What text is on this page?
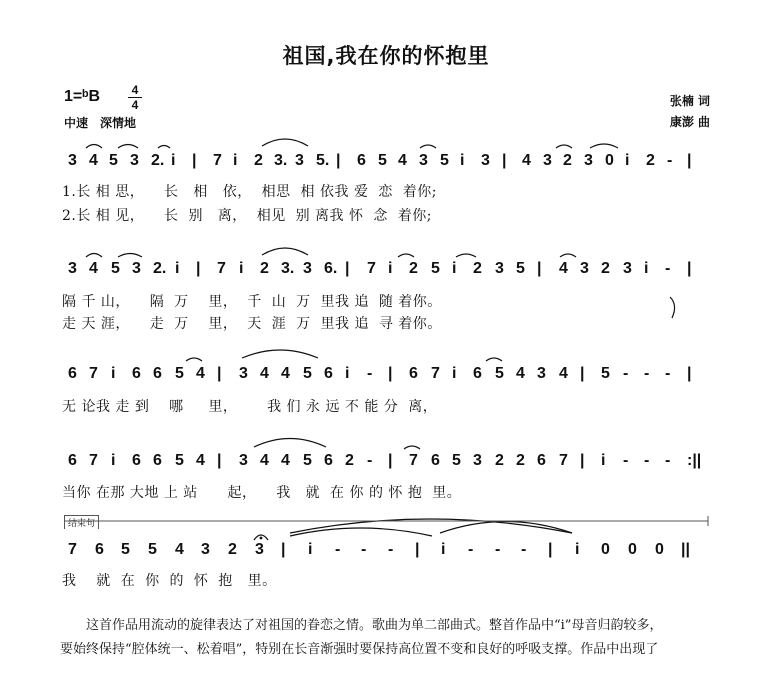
祖国,我在你的怀抱里
1=ᵇB	4
4
中速　深情地
张楠 词
康澎 曲
3 4 5 3 2. i | 7 i 2 3. 3 5. | 6 5 4 3 5 i 3 | 4 3 2 3 0 i 2 - |
1.长 相 思，    长   相   依，  相思  相 依我 爱  恋  着你;
2.长 相 见，    长  别   离，  相见  别 离我 怀  念  着你;
3 4 5 3 2. i | 7 i 2 3. 3 6. | 7 i 2 5 i 2 3 5 | 4 3 2 3 i - |
隔 千 山，    隔  万    里，  千  山  万  里我 追  随 着你。
走 天 涯，    走  万    里，  天  涯  万  里我 追  寻 着你。
6 7 i 6 6 5 4 | 3 4 4 5 6 i - | 6 7 i 6 5 4 3 4 | 5 - - - |
无 论我 走 到    哪     里，      我 们 永 远 不 能 分  离，
6 7 i 6 6 5 4 | 3 4 4 5 6 2 - | 7 6 5 3 2 2 6 7 | i - - - :||
当你 在那 大地 上 站      起，    我   就  在 你 的 怀 抱  里。
结束句
7 6 5 5 4 3 2 3 | i - - - | i - - - | i 0 0 0 ||
我    就  在  你  的  怀  抱   里。

这首作品用流动的旋律表达了对祖国的眷恋之情。歌曲为单二部曲式。整首作品中“i”母音归韵较多，

要始终保持“腔体统一、松着唱”，特别在长音渐强时要保持高位置不变和良好的呼吸支撑。作品中出现了
